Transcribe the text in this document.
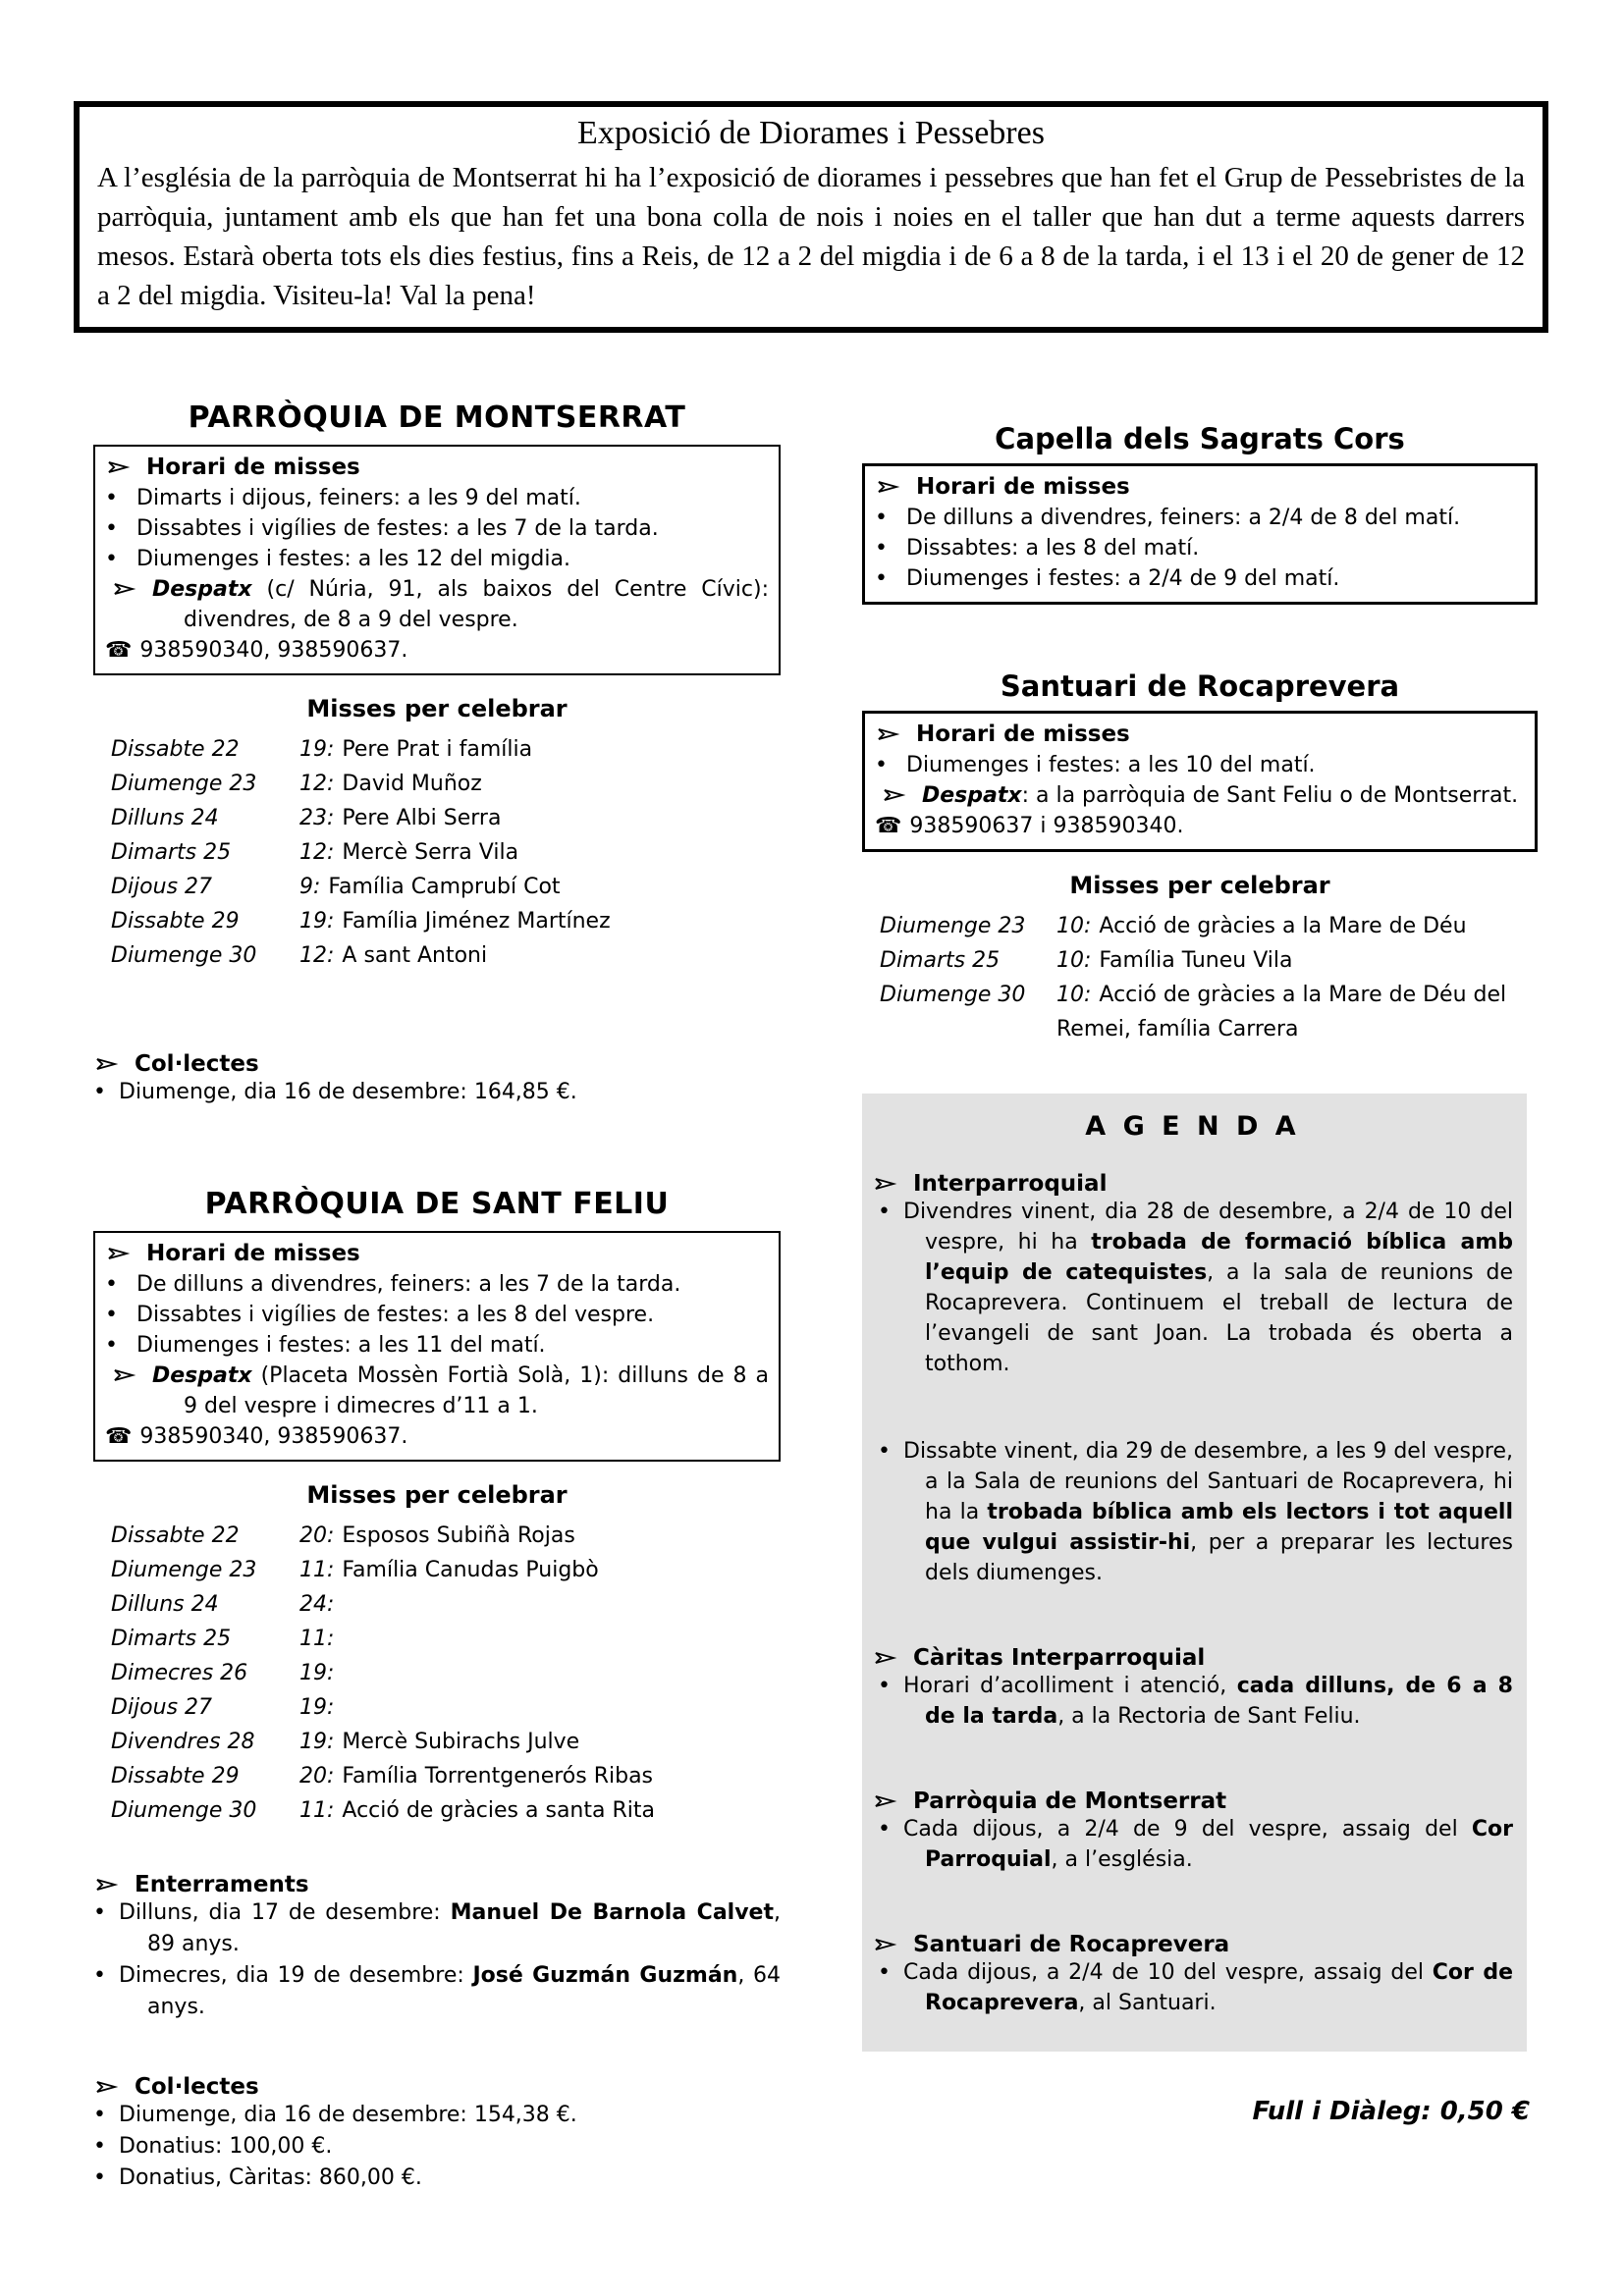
Exposició de Diorames i Pessebres
A l’església de la parròquia de Montserrat hi ha l’exposició de diorames i pessebres que han fet el Grup de Pessebristes de la parròquia, juntament amb els que han fet una bona colla de nois i noies en el taller que han dut a terme aquests darrers mesos. Estarà oberta tots els dies festius, fins a Reis, de 12 a 2 del migdia i de 6 a 8 de la tarda, i el 13 i el 20 de gener de 12 a 2 del migdia. Visiteu-la! Val la pena!
PARRÒQUIA DE MONTSERRAT
Horari de misses
• Dimarts i dijous, feiners: a les 9 del matí.
• Dissabtes i vigílies de festes: a les 7 de la tarda.
• Diumenges i festes: a les 12 del migdia.
Despatx (c/ Núria, 91, als baixos del Centre Cívic): divendres, de 8 a 9 del vespre.
☎ 938590340, 938590637.
Misses per celebrar
Dissabte 22	19: Pere Prat i família
Diumenge 23	12: David Muñoz
Dilluns 24	23: Pere Albi Serra
Dimarts 25	12: Mercè Serra Vila
Dijous 27	9: Família Camprubí Cot
Dissabte 29	19: Família Jiménez Martínez
Diumenge 30	12: A sant Antoni
Col·lectes
• Diumenge, dia 16 de desembre: 164,85 €.
PARRÒQUIA DE SANT FELIU
Horari de misses
• De dilluns a divendres, feiners: a les 7 de la tarda.
• Dissabtes i vigílies de festes: a les 8 del vespre.
• Diumenges i festes: a les 11 del matí.
Despatx (Placeta Mossèn Fortià Solà, 1): dilluns de 8 a 9 del vespre i dimecres d’11 a 1.
☎ 938590340, 938590637.
Misses per celebrar
Dissabte 22	20: Esposos Subiñà Rojas
Diumenge 23	11: Família Canudas Puigbò
Dilluns 24	24:
Dimarts 25	11:
Dimecres 26	19:
Dijous 27	19:
Divendres 28	19: Mercè Subirachs Julve
Dissabte 29	20: Família Torrentgenerós Ribas
Diumenge 30	11: Acció de gràcies a santa Rita
Enterraments
• Dilluns, dia 17 de desembre: Manuel De Barnola Calvet, 89 anys.
• Dimecres, dia 19 de desembre: José Guzmán Guzmán, 64 anys.
Col·lectes
• Diumenge, dia 16 de desembre: 154,38 €.
• Donatius: 100,00 €.
• Donatius, Càritas: 860,00 €.
Capella dels Sagrats Cors
Horari de misses
• De dilluns a divendres, feiners: a 2/4 de 8 del matí.
• Dissabtes: a les 8 del matí.
• Diumenges i festes: a 2/4 de 9 del matí.
Santuari de Rocaprevera
Horari de misses
• Diumenges i festes: a les 10 del matí.
Despatx: a la parròquia de Sant Feliu o de Montserrat.
☎ 938590637 i 938590340.
Misses per celebrar
Diumenge 23	10: Acció de gràcies a la Mare de Déu
Dimarts 25	10: Família Tuneu Vila
Diumenge 30	10: Acció de gràcies a la Mare de Déu del Remei, família Carrera
A G E N D A
Interparroquial
• Divendres vinent, dia 28 de desembre, a 2/4 de 10 del vespre, hi ha trobada de formació bíblica amb l’equip de catequistes, a la sala de reunions de Rocaprevera. Continuem el treball de lectura de l’evangeli de sant Joan. La trobada és oberta a tothom.
• Dissabte vinent, dia 29 de desembre, a les 9 del vespre, a la Sala de reunions del Santuari de Rocaprevera, hi ha la trobada bíblica amb els lectors i tot aquell que vulgui assistir-hi, per a preparar les lectures dels diumenges.
Càritas Interparroquial
• Horari d’acolliment i atenció, cada dilluns, de 6 a 8 de la tarda, a la Rectoria de Sant Feliu.
Parròquia de Montserrat
• Cada dijous, a 2/4 de 9 del vespre, assaig del Cor Parroquial, a l’església.
Santuari de Rocaprevera
• Cada dijous, a 2/4 de 10 del vespre, assaig del Cor de Rocaprevera, al Santuari.
Full i Diàleg: 0,50 €
